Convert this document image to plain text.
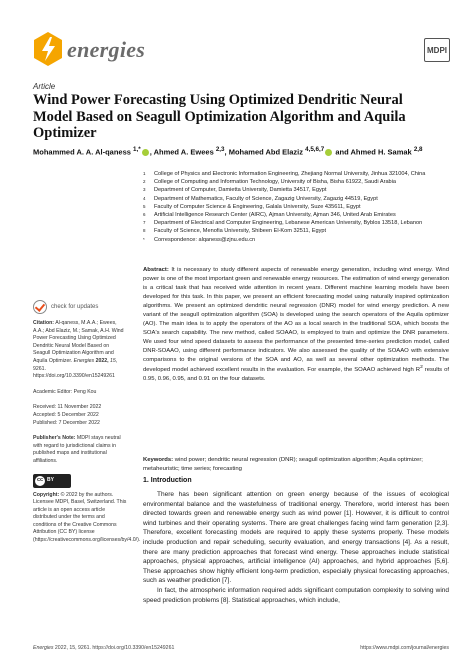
energies	MDPI
Article
Wind Power Forecasting Using Optimized Dendritic Neural Model Based on Seagull Optimization Algorithm and Aquila Optimizer
Mohammed A. A. Al-qaness $^{1,*}$ , Ahmed A. Ewees $^{2,3}$, Mohamed Abd Elaziz $^{4,5,6,7}$ and Ahmed H. Samak $^{2,8}$
1	College of Physics and Electronic Information Engineering, Zhejiang Normal University, Jinhua 321004, China
2	College of Computing and Information Technology, University of Bisha, Bisha 61922, Saudi Arabia
3	Department of Computer, Damietta University, Damietta 34517, Egypt
4	Department of Mathematics, Faculty of Science, Zagazig University, Zagazig 44519, Egypt
5	Faculty of Computer Science & Engineering, Galala University, Suze 435611, Egypt
6	Artificial Intelligence Research Center (AIRC), Ajman University, Ajman 346, United Arab Emirates
7	Department of Electrical and Computer Engineering, Lebanese American University, Byblos 13518, Lebanon
8	Faculty of Science, Menofia University, Shibeen El-Kom 32511, Egypt
*	Correspondence: alqaness@zjnu.edu.cn
Abstract: It is necessary to study different aspects of renewable energy generation, including wind energy. Wind power is one of the most important green and renewable energy resources. The estimation of wind energy generation is a critical task that has received wide attention in recent years. Different machine learning models have been developed for this task. In this paper, we present an efficient forecasting model using naturally inspired optimization algorithms. We present an optimized dendritic neural regression (DNR) model for wind energy prediction. A new variant of the seagull optimization algorithm (SOA) is developed using the search operators of the Aquila optimizer (AO). The main idea is to apply the operators of the AO as a local search in the traditional SOA, which boosts the SOA's search capability. The new method, called SOAAO, is employed to train and optimize the DNR parameters. We used four wind speed datasets to assess the performance of the presented time-series prediction model, called DNR-SOAAO, using different performance indicators. We also assessed the quality of the SOAAO with extensive comparisons to the original versions of the SOA and AO, as well as several other optimization methods. The developed model achieved excellent results in the evaluation. For example, the SOAAO achieved high $R^2$ results of 0.95, 0.96, 0.95, and 0.91 on the four datasets.
Keywords: wind power; dendritic neural regression (DNR); seagull optimization algorithm; Aquila optimizer; metaheuristic; time series; forecasting
check for updates
Citation: Al-qaness, M.A.A.; Ewees, A.A.; Abd Elaziz, M.; Samak, A.H. Wind Power Forecasting Using Optimized Dendritic Neural Model Based on Seagull Optimization Algorithm and Aquila Optimizer. Energies 2022, 15, 9261. https://doi.org/10.3390/en15249261
Academic Editor: Peng Kou
Received: 11 November 2022
Accepted: 5 December 2022
Published: 7 December 2022
Publisher's Note: MDPI stays neutral with regard to jurisdictional claims in published maps and institutional affiliations.
cc BY
Copyright: © 2022 by the authors. Licensee MDPI, Basel, Switzerland. This article is an open access article distributed under the terms and conditions of the Creative Commons Attribution (CC BY) license (https://creativecommons.org/licenses/by/4.0/).
1. Introduction

There has been significant attention on green energy because of the issues of ecological environmental balance and the wastefulness of traditional energy. Therefore, world interest has been directed towards green and renewable energy such as wind power [1]. However, it is difficult to control wind turbines and their operating systems. There are great challenges facing wind farm generation [2,3]. Therefore, excellent forecasting models are required to apply these systems properly. These models include production and repair scheduling, security evaluation, and energy transactions [4]. As a result, there are many prediction approaches that forecast wind energy. These approaches include statistical approaches, physical approaches, artificial intelligence (AI) approaches, and hybrid approaches [5,6]. These approaches show highly efficient long-term prediction, especially physical forecasting approaches, such as weather prediction [7].

In fact, the atmospheric information required adds significant computation complexity to solving wind speed prediction problems [8]. Statistical approaches, which include,

Energies 2022, 15, 9261. https://doi.org/10.3390/en15249261	https://www.mdpi.com/journal/energies
